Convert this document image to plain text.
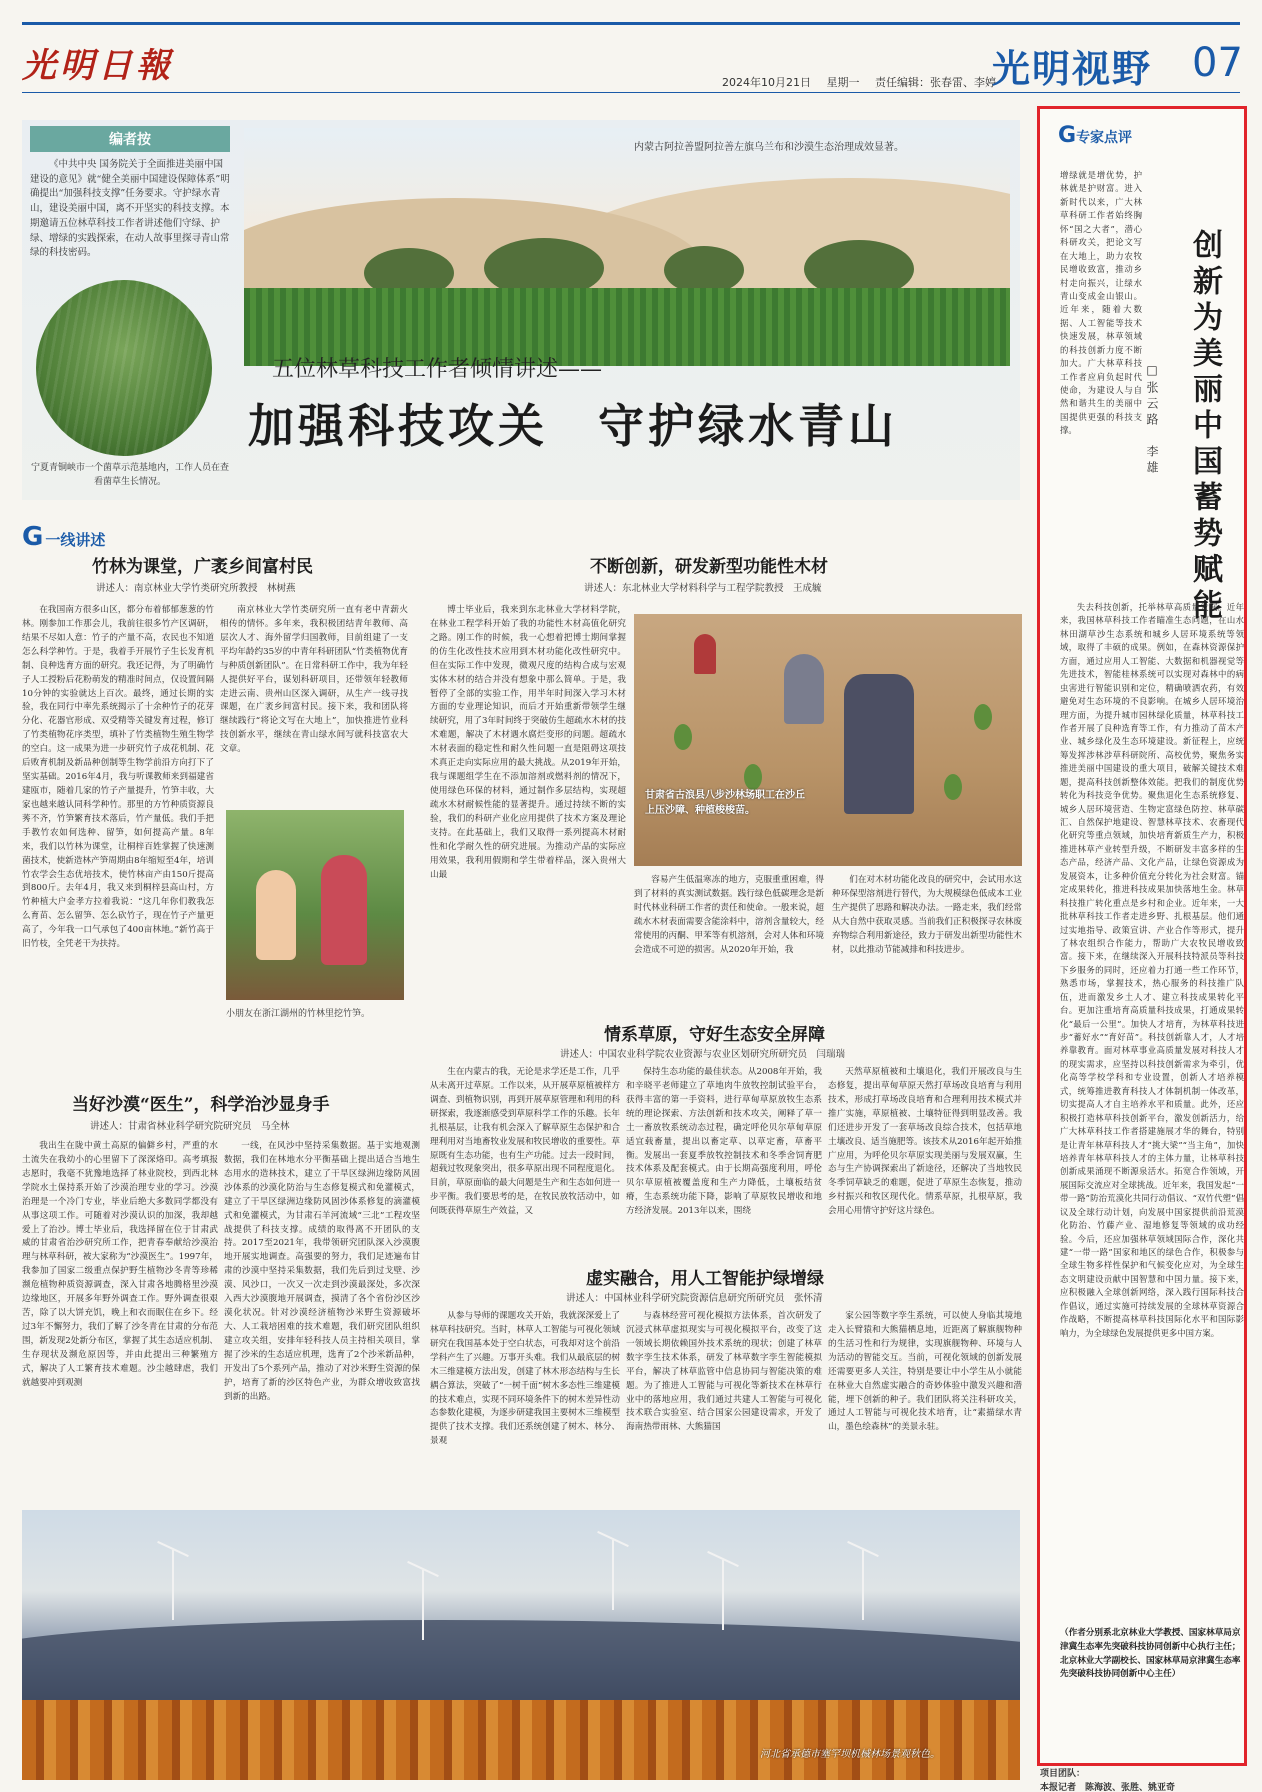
光明日報	2024年10月21日 星期一 责任编辑：张春雷、李婷
光明视野 07
编者按
《中共中央 国务院关于全面推进美丽中国建设的意见》就“健全美丽中国建设保障体系”明确提出“加强科技支撑”任务要求。守护绿水青山，建设美丽中国，离不开坚实的科技支撑。本期邀请五位林草科技工作者讲述他们守绿、护绿、增绿的实践探索，在动人故事里探寻青山常绿的科技密码。
内蒙古阿拉善盟阿拉善左旗乌兰布和沙漠生态治理成效显著。
宁夏青铜峡市一个菌草示范基地内，工作人员在查看菌草生长情况。
五位林草科技工作者倾情讲述——
加强科技攻关　守护绿水青山
G一线讲述
竹林为课堂，广袤乡间富村民
讲述人：南京林业大学竹类研究所教授　林树燕

在我国南方很多山区，都分布着郁郁葱葱的竹林。刚参加工作那会儿，我前往很多竹产区调研，结果不尽如人意：竹子的产量不高，农民也不知道怎么科学种竹。于是，我着手开展竹子生长发育机制、良种选育方面的研究。我还记得，为了明确竹子人工授粉后花粉萌发的精准时间点，仅设置间隔10分钟的实验就达上百次。最终，通过长期的实验，我在同行中率先系统揭示了十余种竹子的花芽分化、花器官形成、双受精等关键发育过程，修订了竹类植物花序类型，填补了竹类植物生殖生物学的空白。这一成果为进一步研究竹子成花机制、花后败育机制及新品种创制等生物学前沿方向打下了坚实基础。2016年4月，我与听课教师来到福建省建瓯市，随着几家的竹子产量提升，竹笋丰收，大家也越来越认同科学种竹。那里的方竹种质资源良莠不齐，竹笋繁育技术落后，竹产量低。我们手把手教竹农如何选种、留笋，如何提高产量。8年来，我们以竹林为课堂，让桐梓百姓掌握了快速测菌技术，使新造林产笋周期由8年缩短至4年，培训竹农学会生态优培技术，使竹林亩产由150斤提高到800斤。去年4月，我又来到桐梓县高山村，方竹种植大户金孝方拉着我说：“这几年你们教我怎么育苗、怎么留笋、怎么砍竹子，现在竹子产量更高了，今年我一口气承包了400亩林地。”新竹高于旧竹枝，全凭老干为扶持。

南京林业大学竹类研究所一直有老中青薪火相传的情怀。多年来，我积极团结青年教师、高层次人才、海外留学归国教师，目前组建了一支平均年龄约35岁的中青年科研团队“竹类植物优育与种质创新团队”。在日常科研工作中，我为年轻人提供好平台，谋划科研项目，还带领年轻教师走进云南、贵州山区深入调研，从生产一线寻找课题，在广袤乡间富村民。接下来，我和团队将继续践行“将论文写在大地上”，加快推进竹业科技创新水平，继续在青山绿水间写就科技富农大文章。

小朋友在浙江湖州的竹林里挖竹笋。
不断创新，研发新型功能性木材
讲述人：东北林业大学材料科学与工程学院教授　王成毓

博士毕业后，我来到东北林业大学材料学院，在林业工程学科开始了我的功能性木材高值化研究之路。刚工作的时候，我一心想着把博士期间掌握的仿生化改性技术应用到木材功能化改性研究中。但在实际工作中发现，微观尺度的结构合成与宏观实体木材的结合并没有想象中那么简单。于是，我暂停了全部的实验工作，用半年时间深入学习木材方面的专业理论知识，而后才开始重新带领学生继续研究，用了3年时间终于突破仿生超疏水木材的技术难题，解决了木材遇水腐烂变形的问题。超疏水木材表面的稳定性和耐久性问题一直是阻碍这项技术真正走向实际应用的最大挑战。从2019年开始，我与课题组学生在不添加溶剂或燃料剂的情况下，使用绿色环保的材料，通过制作多层结构，实现超疏水木材耐候性能的显著提升。通过持续不断的实验，我们的科研产业化应用提供了技术方案及理论支持。在此基础上，我们又取得一系列提高木材耐性和化学耐久性的研究进展。为推动产品的实际应用效果，我利用假期和学生带着样品，深入贵州大山最

甘肃省古浪县八步沙林场职工在沙丘上压沙障、种植梭梭苗。

容易产生低温寒冻的地方，克服重重困难，得到了材料的真实测试数据。践行绿色低碳理念是新时代林业科研工作者的责任和使命。一般来说，超疏水木材表面需要含能涂料中，溶剂含量较大，经常使用的丙酮、甲苯等有机溶剂，会对人体和环境会造成不可逆的损害。从2020年开始，我

们在对木材功能化改良的研究中，会试用水这种环保型溶剂进行替代，为大规模绿色低成本工业生产提供了思路和解决办法。一路走来，我们经常从大自然中获取灵感。当前我们正积极探寻农林废弃物综合利用新途径，致力于研发出新型功能性木材，以此推动节能减排和科技进步。

情系草原，守好生态安全屏障
讲述人：中国农业科学院农业资源与农业区划研究所研究员　闫瑞瑞

生在内蒙古的我，无论是求学还是工作，几乎从未离开过草原。工作以来，从开展草原植被样方调查、到植物识别，再到开展草原管理和利用的科研探索，我逐渐感受到草原科学工作的乐趣。长年扎根基层，让我有机会深入了解草原生态保护和合理利用对当地畜牧业发展和牧民增收的重要性。草原既有生态功能，也有生产功能。过去一段时间，超载过牧现象突出，很多草原出现不同程度退化。目前，草原面临的最大问题是生产和生态如何进一步平衡。我们要思考的是，在牧民放牧活动中，如何既获得草原生产效益，又

保持生态功能的最佳状态。从2008年开始，我和辛晓平老师建立了草地肉牛放牧控制试验平台，获得丰富的第一手资料，进行草甸草原放牧生态系统的理论探索、方法创新和技术攻关，阐释了草一土一畜放牧系统动态过程，确定呼伦贝尔草甸草原适宜载畜量，提出以畜定草、以草定畜，草畜平衡。发展出一套夏季放牧控制技术和冬季舍饲育肥技术体系及配套模式。由于长期高强度利用，呼伦贝尔草原植被覆盖度和生产力降低，土壤板结贫瘠，生态系统功能下降，影响了草原牧民增收和地方经济发展。2013年以来，围绕

天然草原植被和土壤退化，我们开展改良与生态修复，提出草甸草原天然打草场改良培育与利用技术，形成打草场改良培育和合理利用技术模式并推广实施，草原植被、土壤特征得到明显改善。我们还进步开发了一套草场改良综合技术，包括草地土壤改良、适当施肥等。该技术从2016年起开始推广应用，为呼伦贝尔草原实现美丽与发展双赢，生态与生产协调探索出了新途径，还解决了当地牧民冬季饲草缺乏的难题，促进了草原生态恢复，推动乡村振兴和牧区现代化。情系草原，扎根草原，我会用心用情守护好这片绿色。

当好沙漠“医生”，科学治沙显身手
讲述人：甘肃省林业科学研究院研究员　马全林

我出生在陇中黄土高原的偏僻乡村，严重的水土流失在我幼小的心里留下了深深烙印。高考填报志愿时，我毫不犹豫地选择了林业院校，到西北林学院水土保持系开始了沙漠治理专业的学习。沙漠治理是一个冷门专业，毕业后绝大多数同学都没有从事这项工作。可随着对沙漠认识的加深，我却越爱上了治沙。博士毕业后，我选择留在位于甘肃武威的甘肃省治沙研究所工作，把青春奉献给沙漠治理与林草科研，被大家称为“沙漠医生”。1997年，我参加了国家二级重点保护野生植物沙冬青等珍稀濒危植物种质资源调查，深入甘肃各地腾格里沙漠边缘地区，开展多年野外调查工作。野外调查很艰苦，除了以大饼充饥，晚上和衣而眠住在乡下。经过3年不懈努力，我们了解了沙冬青在甘肃的分布范围，新发现2处新分布区，掌握了其生态适应机制、生存现状及濒危原因等，并由此提出三种繁殖方式，解决了人工繁育技术难题。沙尘越肆虐，我们就越要冲到观测

一线，在风沙中坚持采集数据。基于实地观测数据，我们在林地水分平衡基础上提出适合当地生态用水的造林技术，建立了干旱区绿洲边缘防风固沙体系的沙漠化防治与生态修复模式和免灌模式，建立了干旱区绿洲边缘防风固沙体系修复的滴灌模式和免灌模式，为甘肃石羊河流域“三北”工程攻坚战提供了科技支撑。成绩的取得离不开团队的支持。2017至2021年，我带领研究团队深入沙漠腹地开展实地调查。高强要的努力，我们足迹遍布甘肃的沙漠中坚持采集数据，我们先后到过戈壁、沙漠、风沙口，一次又一次走到沙漠最深处，多次深入西大沙漠腹地开展调查，摸清了各个省份沙区沙漠化状况。针对沙漠经济植物沙米野生资源破坏大、人工栽培困难的技术难题，我们研究团队组织建立攻关组，安排年轻科技人员主持相关项目，掌握了沙米的生态适应机理，选育了2个沙米新品种，开发出了5个系列产品，推动了对沙米野生资源的保护，培育了新的沙区特色产业，为群众增收致富找到新的出路。

虚实融合，用人工智能护绿增绿
讲述人：中国林业科学研究院资源信息研究所研究员　张怀清

从参与导师的课题攻关开始，我就深深爱上了林草科技研究。当时，林草人工智能与可视化领域研究在我国基本处于空白状态，可我却对这个前沿学科产生了兴趣。万事开头难。我们从最底层的树木三维建模方法出发，创建了林木形态结构与生长耦合算法，突破了“一树千面”树木多态性三维建模的技术难点，实现不同环境条件下的树木差异性动态参数化建模，为逐步研建我国主要树木三维模型提供了技术支撑。我们还系统创建了树木、林分、景观

与森林经营可视化模拟方法体系，首次研发了沉浸式林草虚拟现实与可视化模拟平台，改变了这一领域长期依赖国外技术系统的现状；创建了林草数字孪生技术体系，研发了林草数字孪生智能模拟平台，解决了林草监管中信息协同与智能决策的难题。为了推进人工智能与可视化等新技术在林草行业中的落地应用，我们通过共建人工智能与可视化技术联合实验室、结合国家公园建设需求，开发了海南热带雨林、大熊猫国

家公园等数字孪生系统，可以使人身临其境地走入长臂猿和大熊猫栖息地，近距离了解旗舰物种的生活习性和行为规律，实现旗舰物种、环境与人为活动的智能交互。当前，可视化领域的创新发展还需要更多人关注，特别是要让中小学生从小就能在林业大自然虚实融合的奇妙体验中激发兴趣和潜能，埋下创新的种子。我们团队将关注科研攻关，通过人工智能与可视化技术培育，让“素描绿水青山，墨色绘森林”的美景永驻。

河北省承德市塞罕坝机械林场景观秋色。
G专家点评
增绿就是增优势，护林就是护财富。进入新时代以来，广大林草科研工作者始终胸怀“国之大者”，潜心科研攻关，把论文写在大地上，助力农牧民增收致富，推动乡村走向振兴，让绿水青山变成金山银山。近年来，随着大数据、人工智能等技术快速发展，林草领域的科技创新力度不断加大。广大林草科技工作者应肩负起时代使命，为建设人与自然和谐共生的美丽中国提供更强的科技支撑。	创新为美丽中国蓄势赋能
□张云路　李雄

失去科技创新，托举林草高质量发展。近年来，我国林草科技工作者瞄准生态问题，在山水林田湖草沙生态系统和城乡人居环境系统等领域，取得了丰硕的成果。例如，在森林资源保护方面，通过应用人工智能、大数据和机器视觉等先进技术，智能桂林系统可以实现对森林中的病虫害进行智能识别和定位，精确喷洒农药，有效避免对生态环境的不良影响。在城乡人居环境治理方面，为提升城市园林绿化质量，林草科技工作者开展了良种选育等工作，有力推动了苗木产业、城乡绿化及生态环境建设。新征程上，应统筹发挥涉林涉草科研院所、高校优势，聚焦务实推进美丽中国建设的重大项目，破解关键技术难题，提高科技创新整体效能。把我们的制度优势转化为科技竞争优势。聚焦退化生态系统修复、城乡人居环境营造、生物定富绿色防控、林草碳汇、自然保护地建设、智慧林草技术、农畜现代化研究等重点领域，加快培育新质生产力，积极推进林草产业转型升级，不断研发丰富多样的生态产品，经济产品、文化产品，让绿色资源成为发展资本，让多种价值充分转化为社会财富。锚定成果转化，推进科技成果加快落地生金。林草科技推广转化重点是乡村和企业。近年来，一大批林草科技工作者走进乡野、扎根基层。他们通过实地指导、政策宣讲、产业合作等形式，提升了林农组织合作能力，帮助广大农牧民增收致富。接下来，在继续深入开展科技特派员等科技下乡服务的同时，还应着力打通一些工作环节，熟悉市场，掌握技术，热心服务的科技推广队伍，进而激发乡土人才、建立科技成果转化平台。更加注重培育高质量科技成果，打通成果转化“最后一公里”。加快人才培育，为林草科技进步“蓄好水”“育好苗”。科技创新靠人才，人才培养靠教育。面对林草事业高质量发展对科技人才的现实需求，应坚持以科技创新需求为牵引，优化高等学校学科和专业设置，创新人才培养模式，统筹推进教育科技人才体制机制一体改革，切实提高人才自主培养水平和质量。此外，还应积极打造林草科技创新平台，激发创新活力，给广大林草科技工作者搭建施展才华的舞台，特别是让青年林草科技人才“挑大梁”“当主角”，加快培养青年林草科技人才的主体力量，让林草科技创新成果涌现不断源泉活水。拓宽合作领域，开展国际交流应对全球挑战。近年来，我国发起“一带一路”防治荒漠化共同行动倡议、“双竹代塑”倡议及全球行动计划，向发展中国家提供前沿荒漠化防治、竹藤产业、湿地修复等领域的成功经验。今后，还应加强林草领域国际合作，深化共建“一带一路”国家和地区的绿色合作，积极参与全球生物多样性保护和气候变化应对，为全球生态文明建设贡献中国智慧和中国力量。接下来，应积极融入全球创新网络，深入践行国际科技合作倡议，通过实施可持续发展的全球林草资源合作战略，不断提高林草科技国际化水平和国际影响力，为全球绿色发展提供更多中国方案。

（作者分别系北京林业大学教授、国家林草局京津冀生态率先突破科技协同创新中心执行主任；北京林业大学副校长、国家林草局京津冀生态率先突破科技协同创新中心主任）
项目团队：
本报记者　陈海波、张胜、姚亚奇
